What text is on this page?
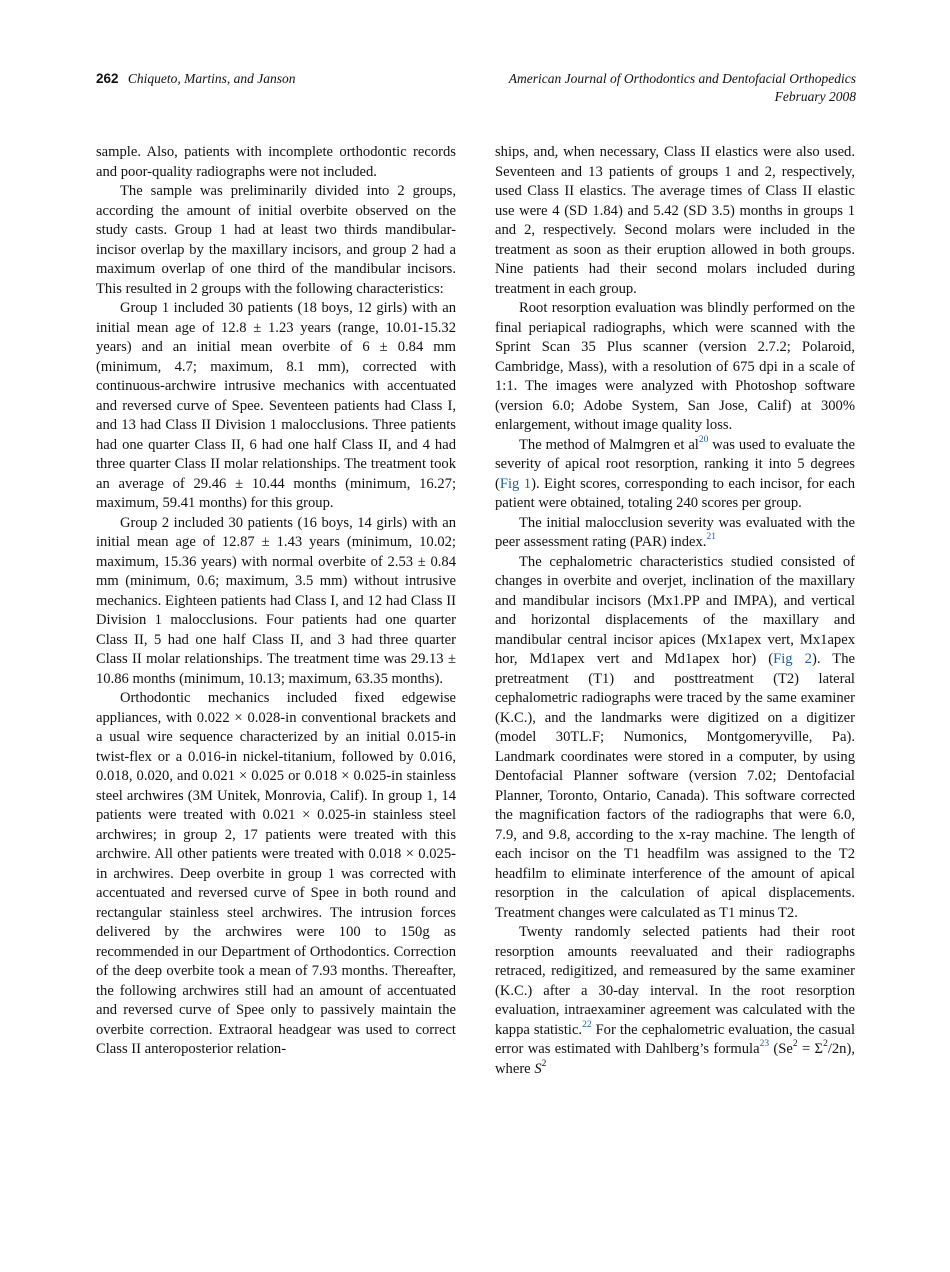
262 Chiqueto, Martins, and Janson	American Journal of Orthodontics and Dentofacial Orthopedics
February 2008

sample. Also, patients with incomplete orthodontic records and poor-quality radiographs were not included.

The sample was preliminarily divided into 2 groups, according the amount of initial overbite observed on the study casts. Group 1 had at least two thirds mandibular-incisor overlap by the maxillary incisors, and group 2 had a maximum overlap of one third of the mandibular incisors. This resulted in 2 groups with the following characteristics:

Group 1 included 30 patients (18 boys, 12 girls) with an initial mean age of 12.8 ± 1.23 years (range, 10.01-15.32 years) and an initial mean overbite of 6 ± 0.84 mm (minimum, 4.7; maximum, 8.1 mm), corrected with continuous-archwire intrusive mechanics with accentuated and reversed curve of Spee. Seventeen patients had Class I, and 13 had Class II Division 1 malocclusions. Three patients had one quarter Class II, 6 had one half Class II, and 4 had three quarter Class II molar relationships. The treatment took an average of 29.46 ± 10.44 months (minimum, 16.27; maximum, 59.41 months) for this group.

Group 2 included 30 patients (16 boys, 14 girls) with an initial mean age of 12.87 ± 1.43 years (minimum, 10.02; maximum, 15.36 years) with normal overbite of 2.53 ± 0.84 mm (minimum, 0.6; maximum, 3.5 mm) without intrusive mechanics. Eighteen patients had Class I, and 12 had Class II Division 1 malocclusions. Four patients had one quarter Class II, 5 had one half Class II, and 3 had three quarter Class II molar relationships. The treatment time was 29.13 ± 10.86 months (minimum, 10.13; maximum, 63.35 months).

Orthodontic mechanics included fixed edgewise appliances, with 0.022 × 0.028-in conventional brackets and a usual wire sequence characterized by an initial 0.015-in twist-flex or a 0.016-in nickel-titanium, followed by 0.016, 0.018, 0.020, and 0.021 × 0.025 or 0.018 × 0.025-in stainless steel archwires (3M Unitek, Monrovia, Calif). In group 1, 14 patients were treated with 0.021 × 0.025-in stainless steel archwires; in group 2, 17 patients were treated with this archwire. All other patients were treated with 0.018 × 0.025-in archwires. Deep overbite in group 1 was corrected with accentuated and reversed curve of Spee in both round and rectangular stainless steel archwires. The intrusion forces delivered by the archwires were 100 to 150g as recommended in our Department of Orthodontics. Correction of the deep overbite took a mean of 7.93 months. Thereafter, the following archwires still had an amount of accentuated and reversed curve of Spee only to passively maintain the overbite correction. Extraoral headgear was used to correct Class II anteroposterior relation-

ships, and, when necessary, Class II elastics were also used. Seventeen and 13 patients of groups 1 and 2, respectively, used Class II elastics. The average times of Class II elastic use were 4 (SD 1.84) and 5.42 (SD 3.5) months in groups 1 and 2, respectively. Second molars were included in the treatment as soon as their eruption allowed in both groups. Nine patients had their second molars included during treatment in each group.

Root resorption evaluation was blindly performed on the final periapical radiographs, which were scanned with the Sprint Scan 35 Plus scanner (version 2.7.2; Polaroid, Cambridge, Mass), with a resolution of 675 dpi in a scale of 1:1. The images were analyzed with Photoshop software (version 6.0; Adobe System, San Jose, Calif) at 300% enlargement, without image quality loss.

The method of Malmgren et al$^{20}$ was used to evaluate the severity of apical root resorption, ranking it into 5 degrees (Fig 1). Eight scores, corresponding to each incisor, for each patient were obtained, totaling 240 scores per group.

The initial malocclusion severity was evaluated with the peer assessment rating (PAR) index.$^{21}$

The cephalometric characteristics studied consisted of changes in overbite and overjet, inclination of the maxillary and mandibular incisors (Mx1.PP and IMPA), and vertical and horizontal displacements of the maxillary and mandibular central incisor apices (Mx1apex vert, Mx1apex hor, Md1apex vert and Md1apex hor) (Fig 2). The pretreatment (T1) and posttreatment (T2) lateral cephalometric radiographs were traced by the same examiner (K.C.), and the landmarks were digitized on a digitizer (model 30TL.F; Numonics, Montgomeryville, Pa). Landmark coordinates were stored in a computer, by using Dentofacial Planner software (version 7.02; Dentofacial Planner, Toronto, Ontario, Canada). This software corrected the magnification factors of the radiographs that were 6.0, 7.9, and 9.8, according to the x-ray machine. The length of each incisor on the T1 headfilm was assigned to the T2 headfilm to eliminate interference of the amount of apical resorption in the calculation of apical displacements. Treatment changes were calculated as T1 minus T2.

Twenty randomly selected patients had their root resorption amounts reevaluated and their radiographs retraced, redigitized, and remeasured by the same examiner (K.C.) after a 30-day interval. In the root resorption evaluation, intraexaminer agreement was calculated with the kappa statistic.$^{22}$ For the cephalometric evaluation, the casual error was estimated with Dahlberg’s formula$^{23}$ $(Se^2 = \Sigma^2/2n)$, where $S^2$
